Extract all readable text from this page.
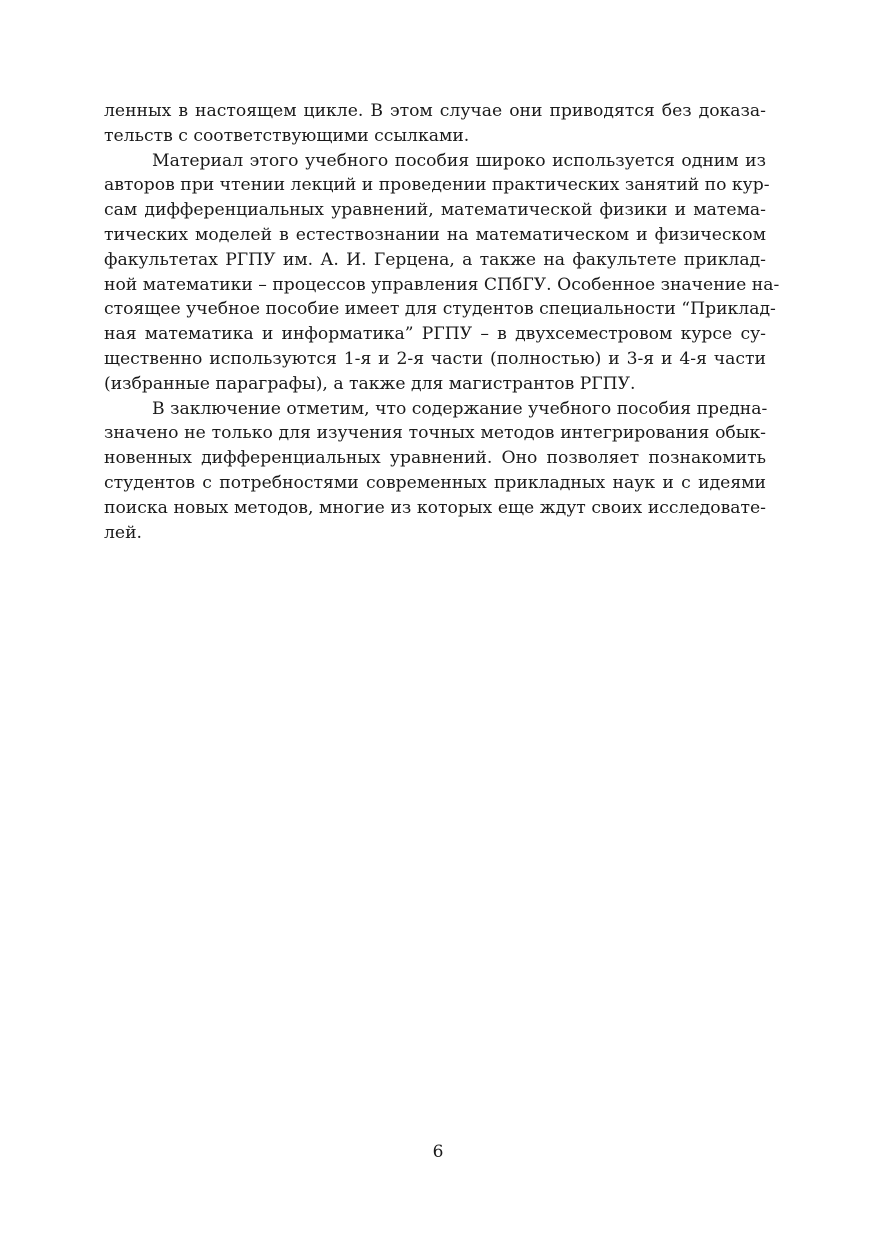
ленных в настоящем цикле. В этом случае они приводятся без доказа-
тельств с соответствующими ссылками.
Материал этого учебного пособия широко используется одним из
авторов при чтении лекций и проведении практических занятий по кур-
сам дифференциальных уравнений, математической физики и матема-
тических моделей в естествознании на математическом и физическом
факультетах РГПУ им. А. И. Герцена, а также на факультете приклад-
ной математики – процессов управления СПбГУ. Особенное значение на-
стоящее учебное пособие имеет для студентов специальности “Приклад-
ная математика и информатика” РГПУ – в двухсеместровом курсе су-
щественно используются 1-я и 2-я части (полностью) и 3-я и 4-я части
(избранные параграфы), а также для магистрантов РГПУ.
В заключение отметим, что содержание учебного пособия предна-
значено не только для изучения точных методов интегрирования обык-
новенных дифференциальных уравнений. Оно позволяет познакомить
студентов с потребностями современных прикладных наук и с идеями
поиска новых методов, многие из которых еще ждут своих исследовате-
лей.
6
